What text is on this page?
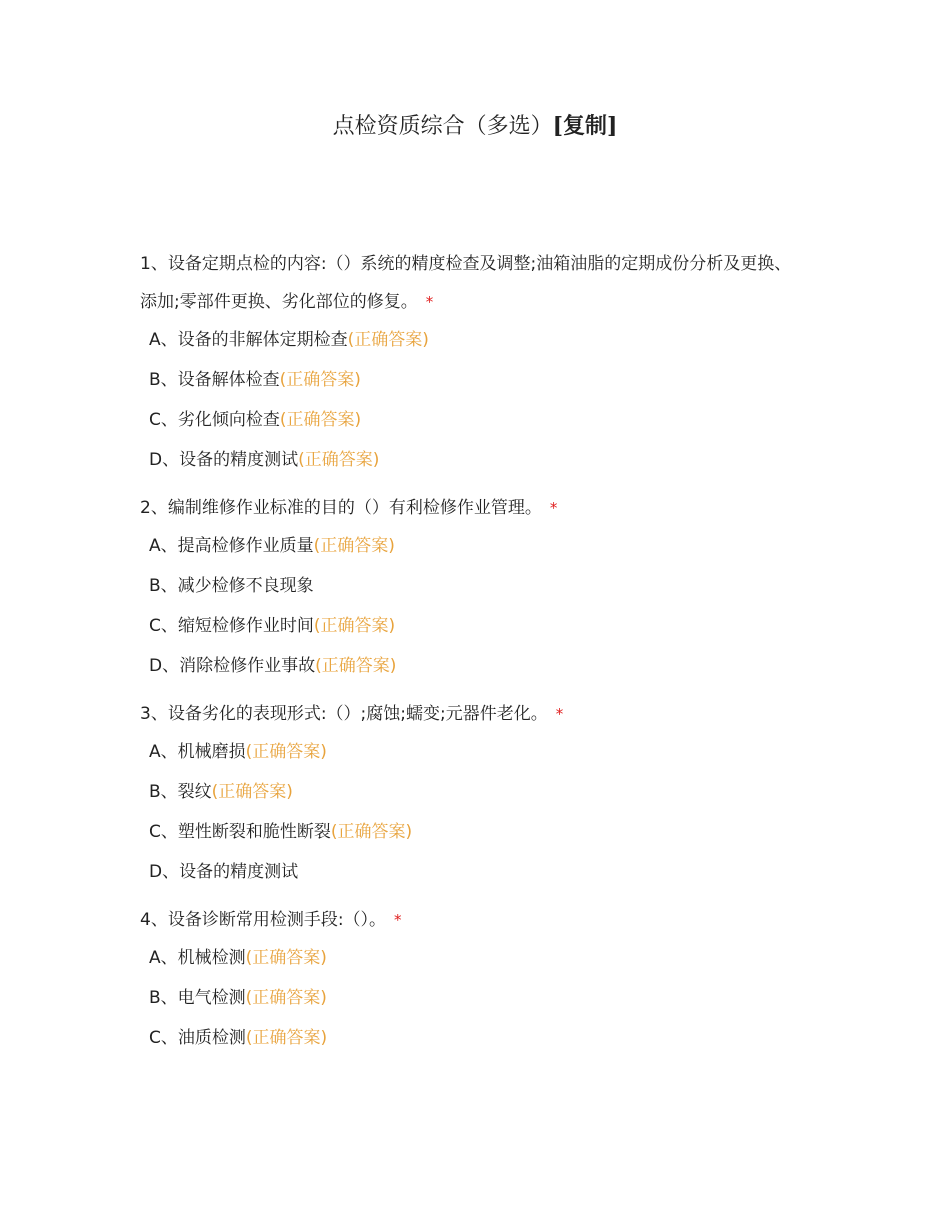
点检资质综合（多选）[复制]
1、设备定期点检的内容:（）系统的精度检查及调整;油箱油脂的定期成份分析及更换、添加;零部件更换、劣化部位的修复。 *
A、设备的非解体定期检查(正确答案)
B、设备解体检查(正确答案)
C、劣化倾向检查(正确答案)
D、设备的精度测试(正确答案)
2、编制维修作业标准的目的（）有利检修作业管理。 *
A、提高检修作业质量(正确答案)
B、减少检修不良现象
C、缩短检修作业时间(正确答案)
D、消除检修作业事故(正确答案)
3、设备劣化的表现形式:（）;腐蚀;蠕变;元器件老化。 *
A、机械磨损(正确答案)
B、裂纹(正确答案)
C、塑性断裂和脆性断裂(正确答案)
D、设备的精度测试
4、设备诊断常用检测手段:（）。 *
A、机械检测(正确答案)
B、电气检测(正确答案)
C、油质检测(正确答案)
